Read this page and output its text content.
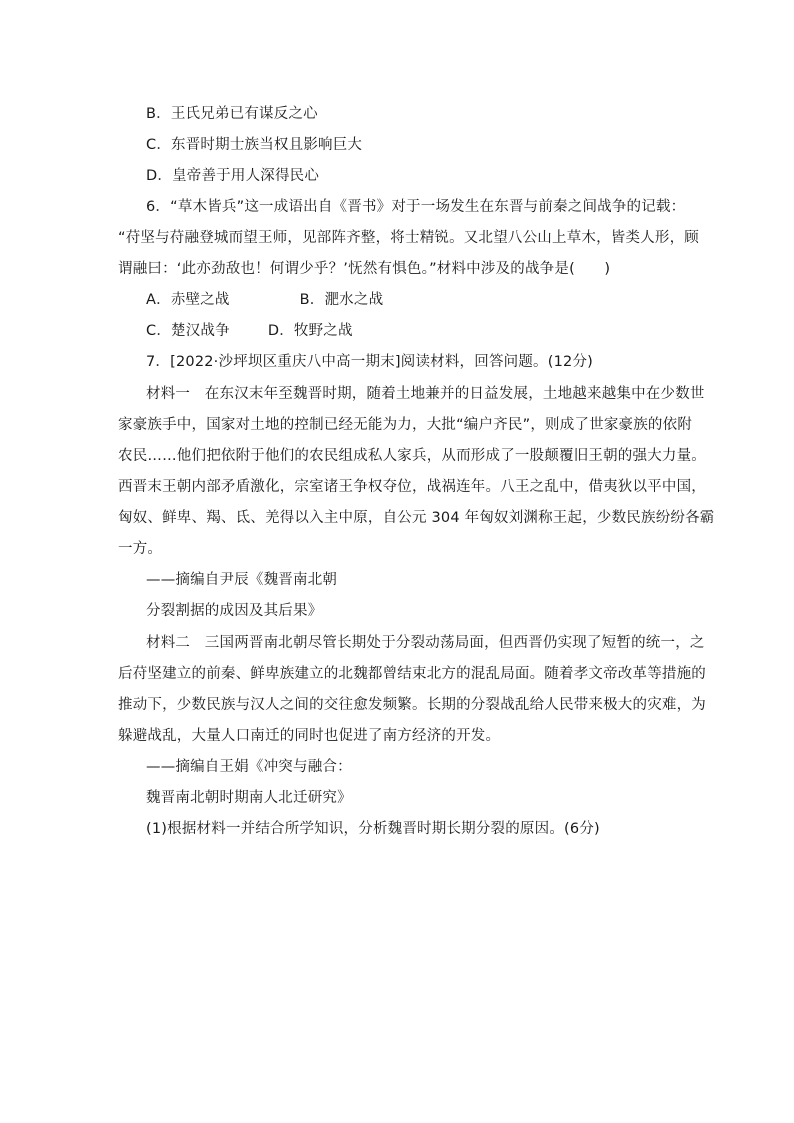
B．王氏兄弟已有谋反之心
C．东晋时期士族当权且影响巨大
D．皇帝善于用人深得民心
6．“草木皆兵”这一成语出自《晋书》对于一场发生在东晋与前秦之间战争的记载：
“苻坚与苻融登城而望王师，见部阵齐整，将士精锐。又北望八公山上草木，皆类人形，顾
谓融曰：‘此亦劲敌也！何谓少乎？’怃然有惧色。”材料中涉及的战争是(　　)
A．赤壁之战	B．淝水之战
C．楚汉战争	D．牧野之战
7．[2022·沙坪坝区重庆八中高一期末]阅读材料，回答问题。(12分)
材料一　在东汉末年至魏晋时期，随着土地兼并的日益发展，土地越来越集中在少数世
家豪族手中，国家对土地的控制已经无能为力，大批“编户齐民”，则成了世家豪族的依附
农民……他们把依附于他们的农民组成私人家兵，从而形成了一股颠覆旧王朝的强大力量。
西晋末王朝内部矛盾激化，宗室诸王争权夺位，战祸连年。八王之乱中，借夷狄以平中国，
匈奴、鲜卑、羯、氐、羌得以入主中原，自公元 304 年匈奴刘渊称王起，少数民族纷纷各霸
一方。
——摘编自尹辰《魏晋南北朝
分裂割据的成因及其后果》
材料二　三国两晋南北朝尽管长期处于分裂动荡局面，但西晋仍实现了短暂的统一，之
后苻坚建立的前秦、鲜卑族建立的北魏都曾结束北方的混乱局面。随着孝文帝改革等措施的
推动下，少数民族与汉人之间的交往愈发频繁。长期的分裂战乱给人民带来极大的灾难，为
躲避战乱，大量人口南迁的同时也促进了南方经济的开发。
——摘编自王娟《冲突与融合：
魏晋南北朝时期南人北迁研究》
(1)根据材料一并结合所学知识，分析魏晋时期长期分裂的原因。(6分)
